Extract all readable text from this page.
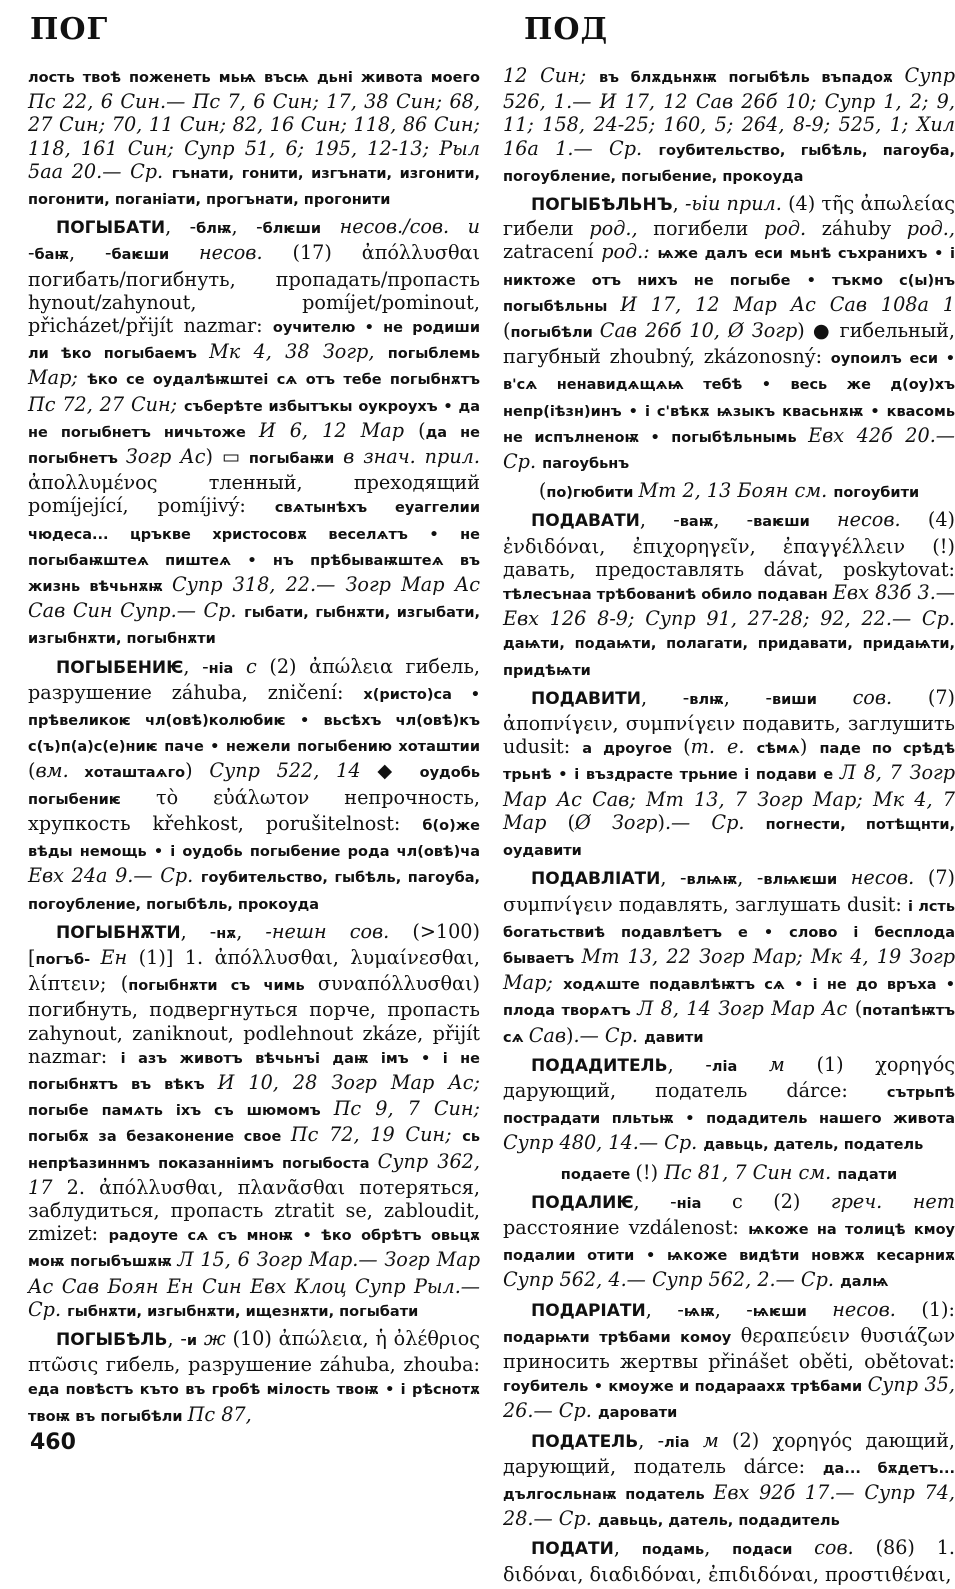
ПОГ	ПОД

лость твоѣ поженеть мьѩ въсѩ дьні живота моего Пс 22, 6 Син.— Пс 7, 6 Син; 17, 38 Син; 68, 27 Син; 70, 11 Син; 82, 16 Син; 118, 86 Син; 118, 161 Син; Супр 51, 6; 195, 12-13; Рыл 5аа 20.— Ср. гънати, гонити, изгънати, изгонити, погонити, поганіати, прогънати, прогонити

ПОГЫБАТИ, -блѭ, -блѥши несов./сов. и -баѭ, -баѥши несов. (17) ἀπόλλυσθαι погибать/погибнуть, пропадать/пропасть hynout/zahynout, pomíjet/pominout, přicházet/přijít nazmar: оучителю • не родиши ли ѣко погыбаемъ Мк 4, 38 Зогр, погыблемь Мар; ѣко се оудалѣѭштеі сѧ отъ тебе погыбнѫтъ Пс 72, 27 Син; съберѣте избытъкы оукроухъ • да не погыбнетъ ничьтоже И 6, 12 Мар (да не погыбнетъ Зогр Ас) ▭ погыбаѭи в знач. прил. ἀπολλυμένος тленный, преходящий pomíjející, pomíjivý: свѧтынѣхъ еуаггелии чюдеса... цръкве христосовѫ веселѧтъ • не погыбаѭштеѧ пиштеѧ • нъ прѣбываѭштеѧ въ жизнь вѣчьнѫѭ Супр 318, 22.— Зогр Мар Ас Сав Син Супр.— Ср. гыбати, гыбнѫти, изгыбати, изгыбнѫти, погыбнѫти

ПОГЫБЕНИѤ, -ніа с (2) ἀπώλεια гибель, разрушение záhuba, zničení: х(ристо)са • прѣвеликоѥ чл(овѣ)колюбиѥ • вьсѣхъ чл(овѣ)къ с(ъ)п(а)с(е)ниѥ паче • нежели погыбению хоташтии (вм. хоташтаѧго) Супр 522, 14 ◆ оудобь погыбениѥ τὸ εὐάλωτον непрочность, хрупкость křehkost, porušitelnost: б(о)же вѣды немощь • і оудобь погыбение рода чл(овѣ)ча Евх 24а 9.— Ср. гоубительство, гыбѣль, пагоуба, погоубление, погыбѣль, прокоуда

ПОГЫБНѪТИ, -нѫ, -нешн сов. (>100) [погъб- Ен (1)] 1. ἀπόλλυσθαι, λυμαίνεσθαι, λίπτειν; (погыбнѫти съ чимь συναπόλλυσθαι) погибнуть, подвергнуться порче, пропасть zahynout, zaniknout, podlehnout zkáze, přijít nazmar: і азъ животъ вѣчьнъі даѭ імъ • і не погыбнѫтъ въ вѣкъ И 10, 28 Зогр Мар Ас; погыбе памѧть іхъ съ шюмомъ Пс 9, 7 Син; погыбѫ за безаконение свое Пс 72, 19 Син; сь непрѣазиннмъ показанніимъ погыбоста Супр 362, 17 2. ἀπόλλυσθαι, πλανᾶσθαι потеряться, заблудиться, пропасть ztratit se, zabloudit, zmizet: радоуте сѧ съ мноѭ • ѣко обрѣтъ овьцѫ моѭ погыбъшѫѭ Л 15, 6 Зогр Мар.— Зогр Мар Ас Сав Боян Ен Син Евх Клоц Супр Рыл.— Ср. гыбнѫти, изгыбнѫти, ищезнѫти, погыбати

ПОГЫБѢЛЬ, -и ж (10) ἀπώλεια, ἡ ὀλέθριος πτῶσις гибель, разрушение záhuba, zhouba: еда повѣстъ къто въ гробѣ мілость твоѭ • і рѣснотѫ твоѭ въ погыбѣли Пс 87,

12 Син; въ блѫдьнѫѭ погыбѣль въпадоѫ Супр 526, 1.— И 17, 12 Сав 26б 10; Супр 1, 2; 9, 11; 158, 24-25; 160, 5; 264, 8-9; 525, 1; Хил 16а 1.— Ср. гоубительство, гыбѣль, пагоуба, погоубление, погыбение, прокоуда

ПОГЫБѢЛЬНЪ, -ьіи прил. (4) τῆς ἀπωλείας гибели род., погибели род. záhuby род., zatracení род.: ѩже далъ еси мьнѣ съхранихъ • і никтоже отъ нихъ не погыбе • тъкмо с(ы)нъ погыбѣльны И 17, 12 Мар Ас Сав 108а 1 (погыбѣли Сав 26б 10, Ø Зогр) ● гибельный, пагубный zhoubný, zkázonosný: оупоилъ еси • в'сѧ ненавидѧщѧѩ тебѣ • весь же д(оу)хъ непр(іѣзн)инъ • і с'вѣкѫ ѩзыкъ квасьнѫѭ • квасомь не испълненоѭ • погыбѣльнымь Евх 42б 20.— Ср. пагоубьнъ

(по)гюбити Мт 2, 13 Боян см. погоубити

ПОДАВАТИ, -ваѭ, -ваѥши несов. (4) ἐνδιδόναι, ἐπιχορηγεῖν, ἐπαγγέλλειν (!) давать, предоставлять dávat, poskytovat: тѣлесънаа трѣбованиѣ обило подаван Евх 83б 3.— Евх 126 8-9; Супр 91, 27-28; 92, 22.— Ср. даѩти, подаѩти, полагати, придавати, придаѩти, придѣѩти

ПОДАВИТИ, -влѭ, -виши сов. (7) ἀποπνίγειν, συμπνίγειν подавить, заглушить udusit: а дроугое (т. е. сѣмѧ) паде по срѣдѣ трьнѣ • і въздрасте трьние і подави е Л 8, 7 Зогр Мар Ас Сав; Мт 13, 7 Зогр Мар; Мк 4, 7 Мар (Ø Зогр).— Ср. погнести, потѣщнти, оудавити

ПОДАВЛІАТИ, -влѩѭ, -влѩѥши несов. (7) συμπνίγειν подавлять, заглушать dusit: і лсть богатьствиѣ подавлѣетъ е • слово і бесплода бываетъ Мт 13, 22 Зогр Мар; Мк 4, 19 Зогр Мар; ходѧште подавлѣѭтъ сѧ • і не до връха • плода творѧтъ Л 8, 14 Зогр Мар Ас (потапѣѭтъ сѧ Сав).— Ср. давити

ПОДАДИТЕЛЬ, -ліа м (1) χορηγός дарующий, податель dárce: сътрьпѣ пострадати пльтьѭ • подадитель нашего живота Супр 480, 14.— Ср. давьць, датель, податель

подаете (!) Пс 81, 7 Син см. падати

ПОДАЛИѤ, -ніа с (2) греч. нет расстояние vzdálenost: ѩкоже на толицѣ кмоу подалии отити • ѩкоже видѣти новжѫ кесарниѫ Супр 562, 4.— Супр 562, 2.— Ср. далѩ

ПОДАРІАТИ, -ѩѭ, -ѩѥши несов. (1): подарѩти трѣбами комоу θεραπεύειν θυσιάζων приносить жертвы přinášet oběti, obětovat: гоубитель • кмоуже и подараахѫ трѣбами Супр 35, 26.— Ср. даровати

ПОДАТЕЛЬ, -ліа м (2) χορηγός дающий, дарующий, податель dárce: да... бѫдетъ... дългосльнаѭ податель Евх 92б 17.— Супр 74, 28.— Ср. давьць, датель, подадитель

ПОДАТИ, подамь, подаси сов. (86) 1. διδόναι, διαδιδόναι, ἐπιδιδόναι, προστιθέναι,

460
